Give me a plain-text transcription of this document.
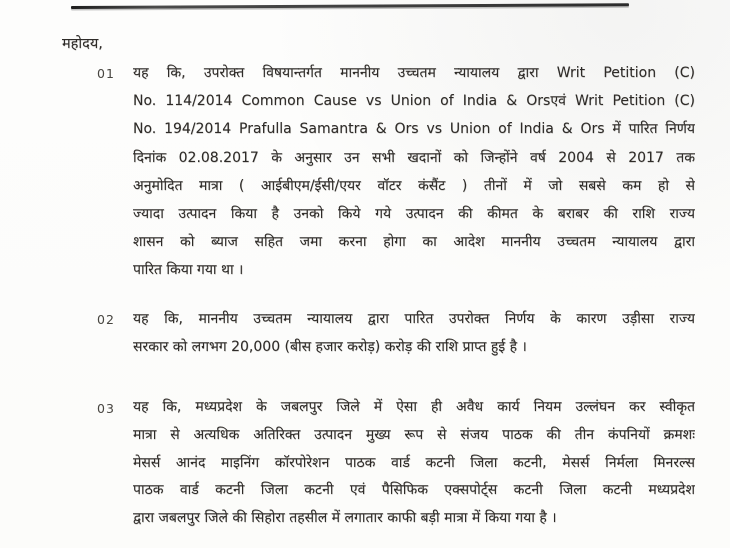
महोदय,
01 यह कि, उपरोक्त विषयान्तर्गत माननीय उच्चतम न्यायालय द्वारा Writ Petition (C)
No. 114/2014 Common Cause vs Union of India & Orsएवं Writ Petition (C)
No. 194/2014 Prafulla Samantra & Ors vs Union of India & Ors में पारित निर्णय
दिनांक 02.08.2017 के अनुसार उन सभी खदानों को जिन्होंने वर्ष 2004 से 2017 तक
अनुमोदित मात्रा ( आईबीएम/ईसी/एयर वॉटर कंसैंट ) तीनों में जो सबसे कम हो से
ज्यादा उत्पादन किया है उनको किये गये उत्पादन की कीमत के बराबर की राशि राज्य
शासन को ब्याज सहित जमा करना होगा का आदेश माननीय उच्चतम न्यायालय द्वारा
पारित किया गया था ।
02 यह कि, माननीय उच्चतम न्यायालय द्वारा पारित उपरोक्त निर्णय के कारण उड़ीसा राज्य
सरकार को लगभग 20,000 (बीस हजार करोड़) करोड़ की राशि प्राप्त हुई है ।
03 यह कि, मध्यप्रदेश के जबलपुर जिले में ऐसा ही अवैध कार्य नियम उल्लंघन कर स्वीकृत
मात्रा से अत्यधिक अतिरिक्त उत्पादन मुख्य रूप से संजय पाठक की तीन कंपनियों क्रमशः
मेसर्स आनंद माइनिंग कॉरपोरेशन पाठक वार्ड कटनी जिला कटनी, मेसर्स निर्मला मिनरल्स
पाठक वार्ड कटनी जिला कटनी एवं पैसिफिक एक्सपोर्ट्स कटनी जिला कटनी मध्यप्रदेश
द्वारा जबलपुर जिले की सिहोरा तहसील में लगातार काफी बड़ी मात्रा में किया गया है ।
